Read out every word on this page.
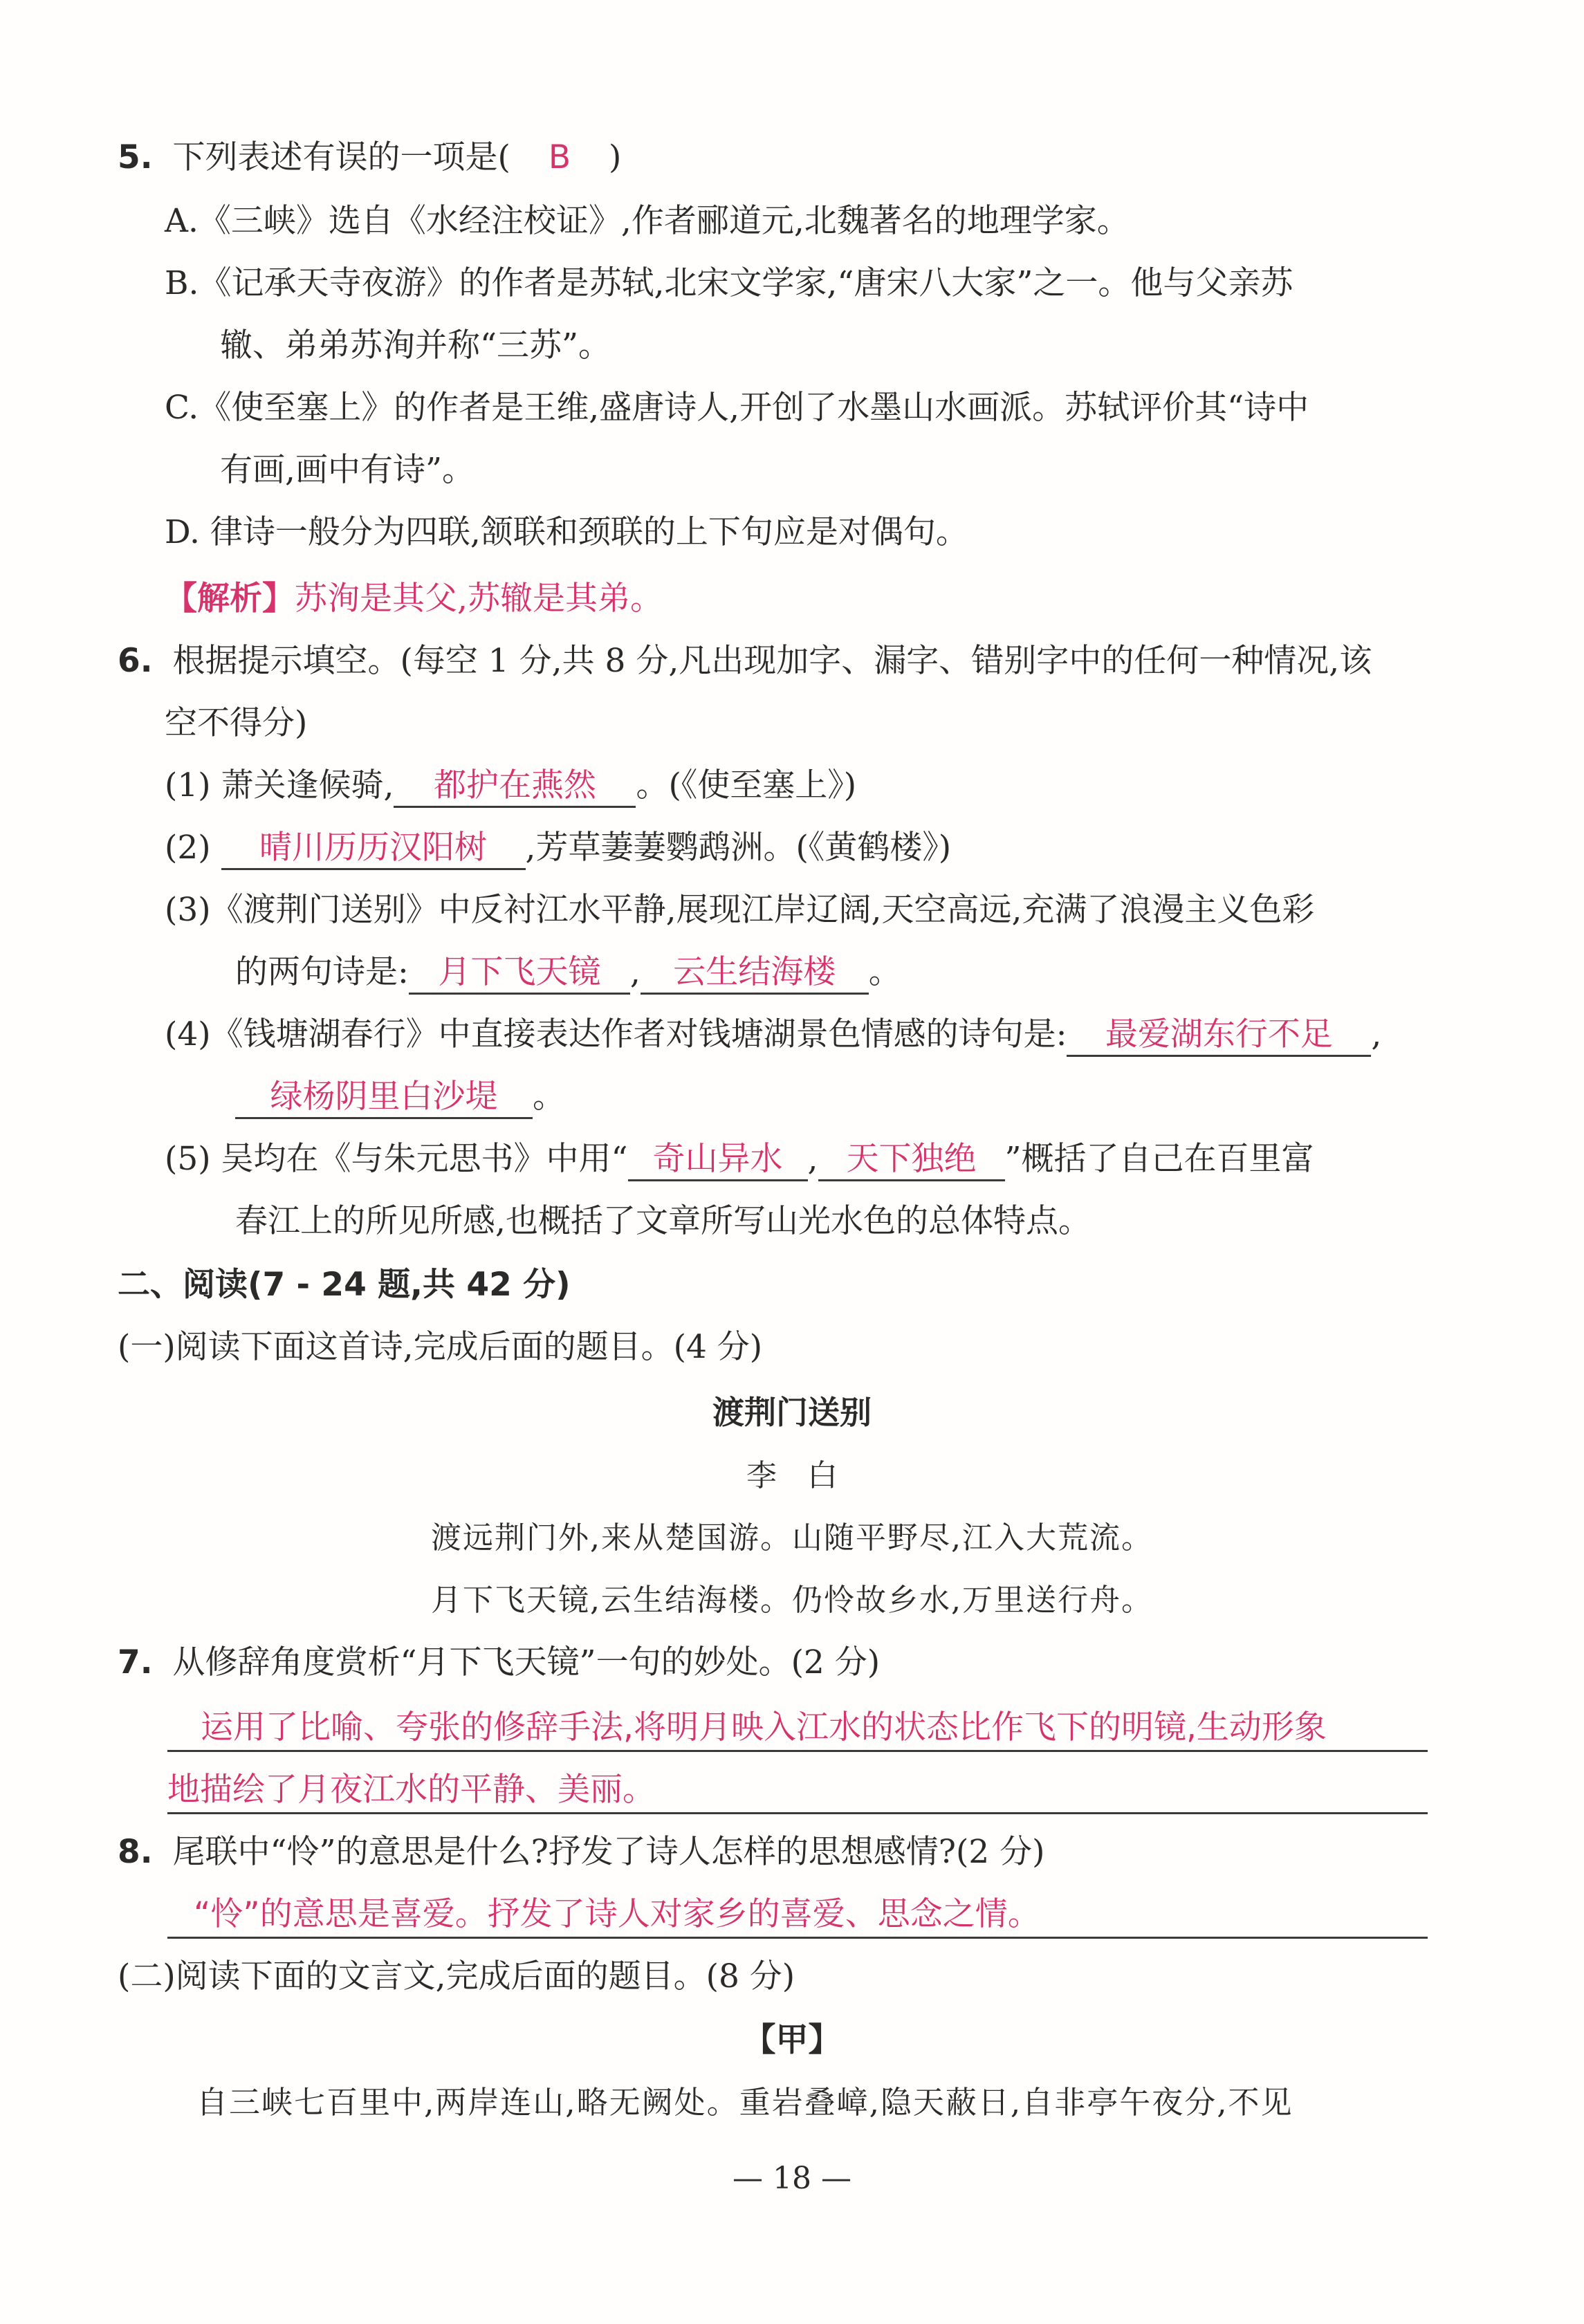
5. 下列表述有误的一项是( B )
A.《三峡》选自《水经注校证》,作者郦道元,北魏著名的地理学家。
B.《记承天寺夜游》的作者是苏轼,北宋文学家,“唐宋八大家”之一。他与父亲苏
辙、弟弟苏洵并称“三苏”。
C.《使至塞上》的作者是王维,盛唐诗人,开创了水墨山水画派。苏轼评价其“诗中
有画,画中有诗”。
D. 律诗一般分为四联,颔联和颈联的上下句应是对偶句。
【解析】苏洵是其父,苏辙是其弟。
6. 根据提示填空。(每空 1 分,共 8 分,凡出现加字、漏字、错别字中的任何一种情况,该
空不得分)
(1) 萧关逢候骑, 都护在燕然 。(《使至塞上》)
(2) 晴川历历汉阳树 ,芳草萋萋鹦鹉洲。(《黄鹤楼》)
(3)《渡荆门送别》中反衬江水平静,展现江岸辽阔,天空高远,充满了浪漫主义色彩
的两句诗是: 月下飞天镜 , 云生结海楼 。
(4)《钱塘湖春行》中直接表达作者对钱塘湖景色情感的诗句是: 最爱湖东行不足 ,
绿杨阴里白沙堤 。
(5) 吴均在《与朱元思书》中用“ 奇山异水 , 天下独绝 ”概括了自己在百里富
春江上的所见所感,也概括了文章所写山光水色的总体特点。
二、阅读(7 - 24 题,共 42 分)
(一)阅读下面这首诗,完成后面的题目。(4 分)
渡荆门送别
李　白
渡远荆门外,来从楚国游。山随平野尽,江入大荒流。
月下飞天镜,云生结海楼。仍怜故乡水,万里送行舟。
7. 从修辞角度赏析“月下飞天镜”一句的妙处。(2 分)
运用了比喻、夸张的修辞手法,将明月映入江水的状态比作飞下的明镜,生动形象
地描绘了月夜江水的平静、美丽。
8. 尾联中“怜”的意思是什么?抒发了诗人怎样的思想感情?(2 分)
“怜”的意思是喜爱。抒发了诗人对家乡的喜爱、思念之情。
(二)阅读下面的文言文,完成后面的题目。(8 分)
【甲】
自三峡七百里中,两岸连山,略无阙处。重岩叠嶂,隐天蔽日,自非亭午夜分,不见
— 18 —
